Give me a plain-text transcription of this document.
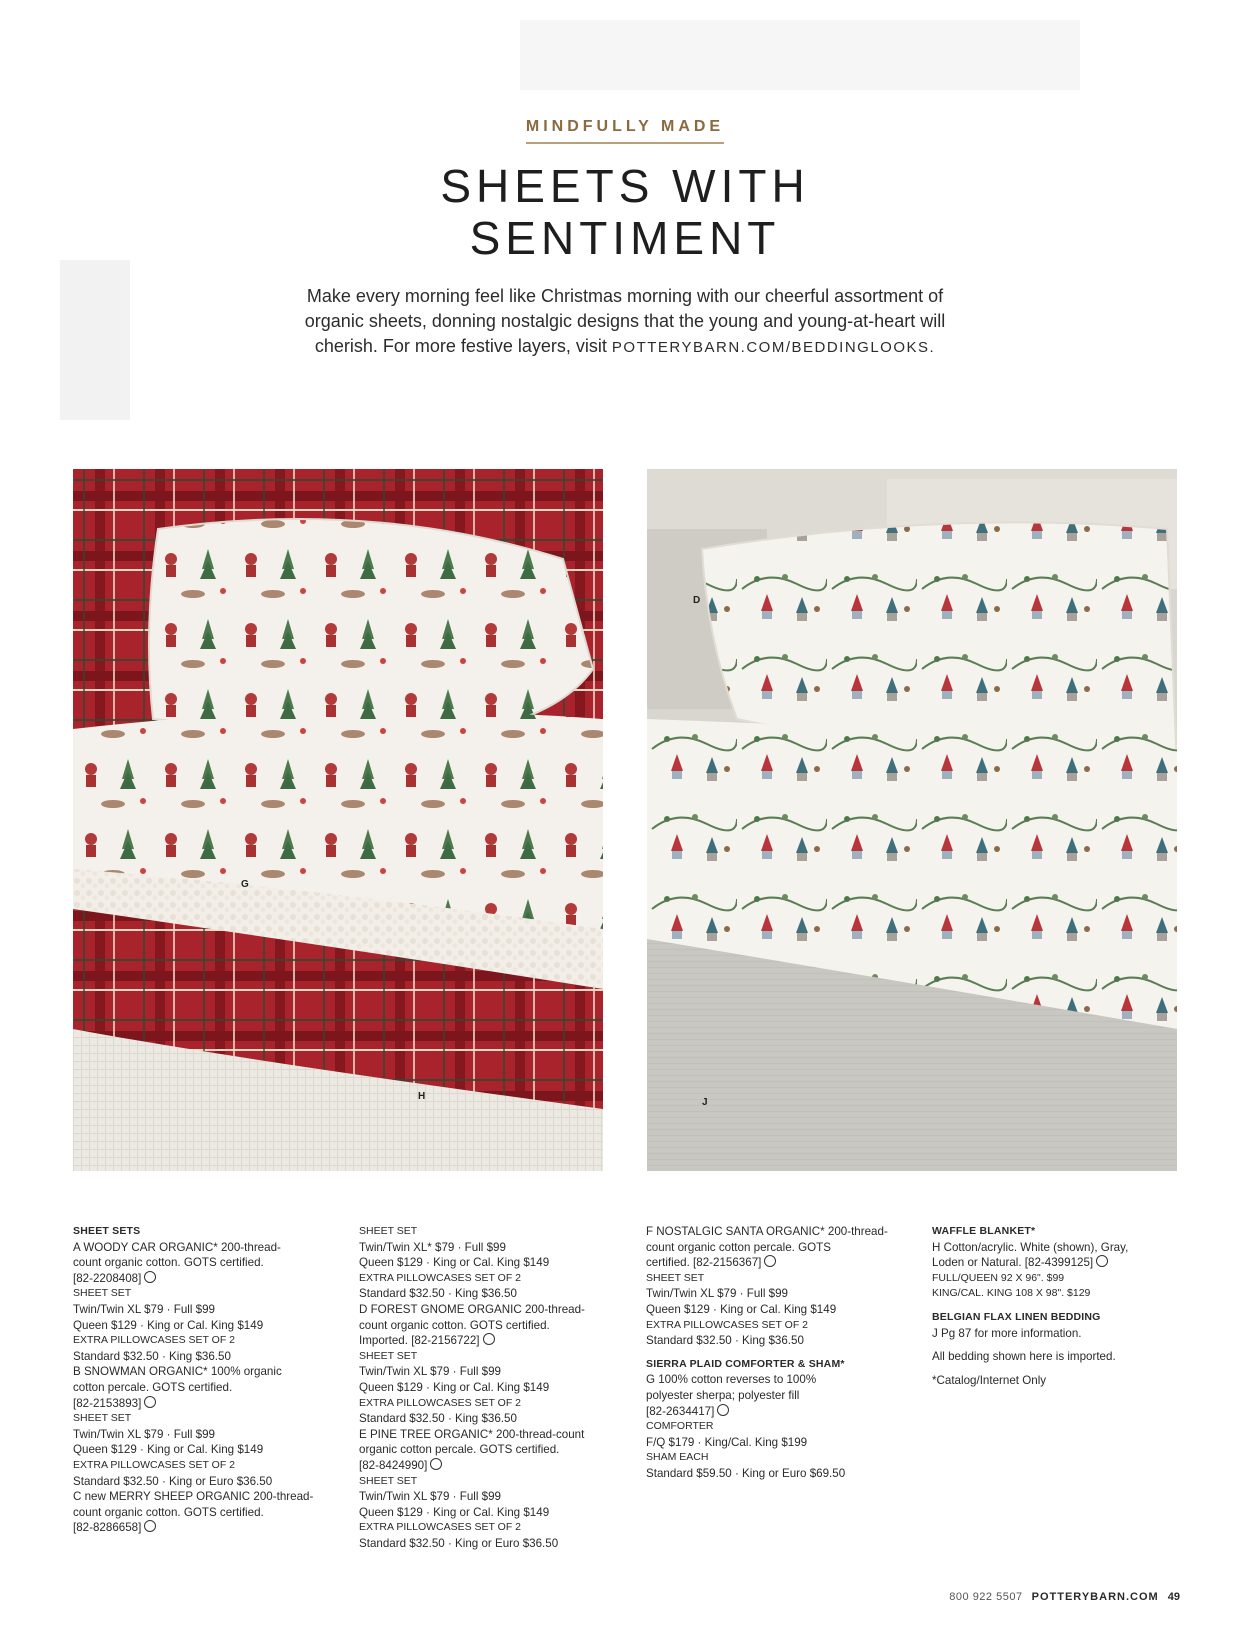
MINDFULLY MADE
SHEETS WITH
SENTIMENT
Make every morning feel like Christmas morning with our cheerful assortment of organic sheets, donning nostalgic designs that the young and young-at-heart will cherish. For more festive layers, visit POTTERYBARN.COM/BEDDINGLOOKS.
G
H
D
J
SHEET SETS
A WOODY CAR ORGANIC* 200-thread-
count organic cotton. GOTS certified.
[82-2208408]
SHEET SET
Twin/Twin XL $79 · Full $99
Queen $129 · King or Cal. King $149
EXTRA PILLOWCASES SET OF 2
Standard $32.50 · King $36.50
B SNOWMAN ORGANIC* 100% organic
cotton percale. GOTS certified.
[82-2153893]
SHEET SET
Twin/Twin XL $79 · Full $99
Queen $129 · King or Cal. King $149
EXTRA PILLOWCASES SET OF 2
Standard $32.50 · King or Euro $36.50
C new MERRY SHEEP ORGANIC 200-thread-
count organic cotton. GOTS certified.
[82-8286658]
SHEET SET
Twin/Twin XL* $79 · Full $99
Queen $129 · King or Cal. King $149
EXTRA PILLOWCASES SET OF 2
Standard $32.50 · King $36.50
D FOREST GNOME ORGANIC 200-thread-
count organic cotton. GOTS certified.
Imported. [82-2156722]
SHEET SET
Twin/Twin XL $79 · Full $99
Queen $129 · King or Cal. King $149
EXTRA PILLOWCASES SET OF 2
Standard $32.50 · King $36.50
E PINE TREE ORGANIC* 200-thread-count
organic cotton percale. GOTS certified.
[82-8424990]
SHEET SET
Twin/Twin XL $79 · Full $99
Queen $129 · King or Cal. King $149
EXTRA PILLOWCASES SET OF 2
Standard $32.50 · King or Euro $36.50
F NOSTALGIC SANTA ORGANIC* 200-thread-
count organic cotton percale. GOTS
certified. [82-2156367]
SHEET SET
Twin/Twin XL $79 · Full $99
Queen $129 · King or Cal. King $149
EXTRA PILLOWCASES SET OF 2
Standard $32.50 · King $36.50
SIERRA PLAID COMFORTER & SHAM*
G 100% cotton reverses to 100%
polyester sherpa; polyester fill
[82-2634417]
COMFORTER
F/Q $179 · King/Cal. King $199
SHAM EACH
Standard $59.50 · King or Euro $69.50
WAFFLE BLANKET*
H Cotton/acrylic. White (shown), Gray,
Loden or Natural. [82-4399125]
FULL/QUEEN 92 X 96". $99
KING/CAL. KING 108 X 98". $129
BELGIAN FLAX LINEN BEDDING
J Pg 87 for more information.
All bedding shown here is imported.
*Catalog/Internet Only
800 922 5507 POTTERYBARN.COM 49
